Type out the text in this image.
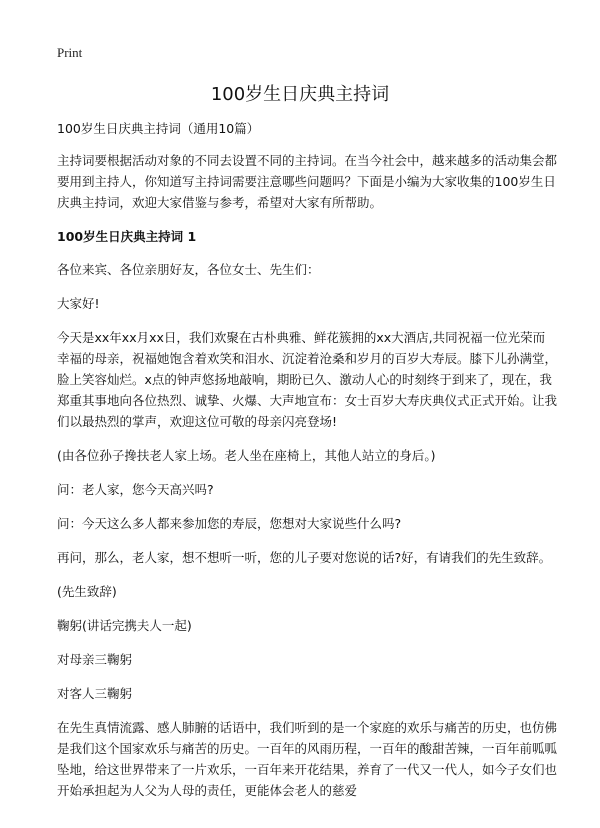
Print
100岁生日庆典主持词

100岁生日庆典主持词（通用10篇）

主持词要根据活动对象的不同去设置不同的主持词。在当今社会中，越来越多的活动集会都要用到主持人，你知道写主持词需要注意哪些问题吗？下面是小编为大家收集的100岁生日庆典主持词，欢迎大家借鉴与参考，希望对大家有所帮助。

100岁生日庆典主持词 1

各位来宾、各位亲朋好友，各位女士、先生们：

大家好!

今天是xx年xx月xx日，我们欢聚在古朴典雅、鲜花簇拥的xx大酒店,共同祝福一位光荣而幸福的母亲，祝福她饱含着欢笑和泪水、沉淀着沧桑和岁月的百岁大寿辰。膝下儿孙满堂，脸上笑容灿烂。x点的钟声悠扬地敲响，期盼已久、激动人心的时刻终于到来了，现在，我郑重其事地向各位热烈、诚挚、火爆、大声地宣布：女士百岁大寿庆典仪式正式开始。让我们以最热烈的掌声，欢迎这位可敬的母亲闪亮登场!

(由各位孙子搀扶老人家上场。老人坐在座椅上，其他人站立的身后。)

问：老人家，您今天高兴吗?

问：今天这么多人都来参加您的寿辰，您想对大家说些什么吗?

再问，那么，老人家，想不想听一听，您的儿子要对您说的话?好，有请我们的先生致辞。

(先生致辞)

鞠躬(讲话完携夫人一起)

对母亲三鞠躬

对客人三鞠躬

在先生真情流露、感人肺腑的话语中，我们听到的是一个家庭的欢乐与痛苦的历史，也仿佛是我们这个国家欢乐与痛苦的历史。一百年的风雨历程，一百年的酸甜苦辣，一百年前呱呱坠地，给这世界带来了一片欢乐，一百年来开花结果，养育了一代又一代人，如今子女们也开始承担起为人父为人母的责任，更能体会老人的慈爱
